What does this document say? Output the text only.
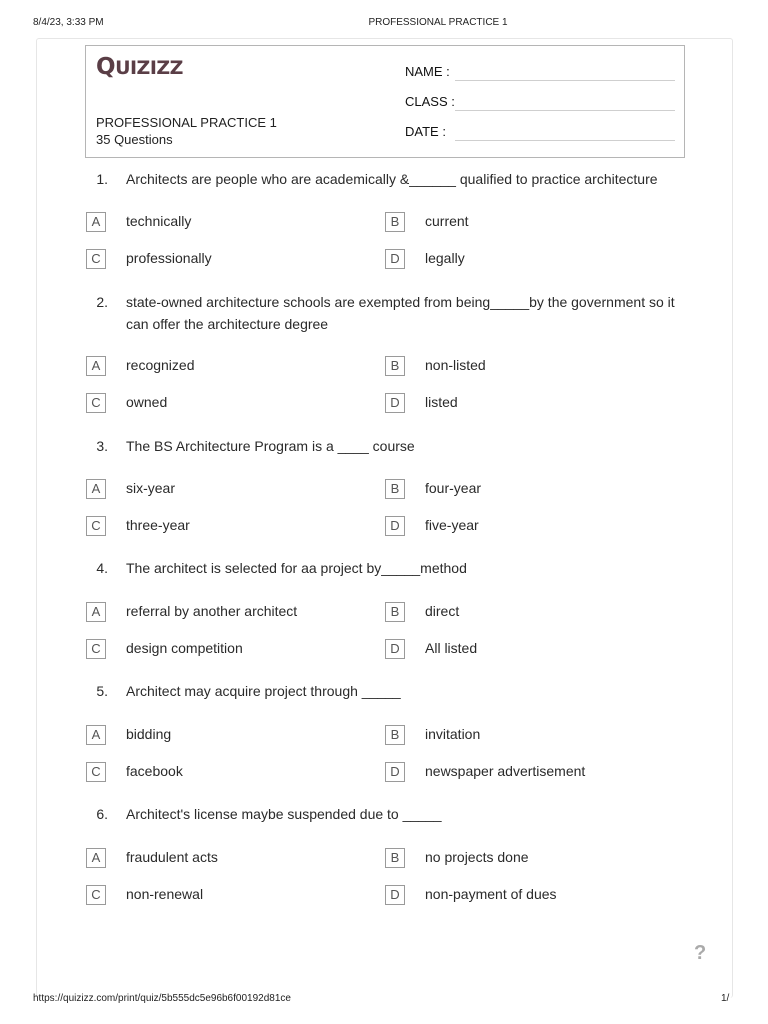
8/4/23, 3:33 PM	PROFESSIONAL PRACTICE 1
QUIZIZZ
PROFESSIONAL PRACTICE 1
35 Questions
NAME :
CLASS :
DATE :
1. Architects are people who are academically &______ qualified to practice architecture
A	technically	B	current
C	professionally	D	legally
2. state-owned architecture schools are exempted from being_____by the government so it can offer the architecture degree
A	recognized	B	non-listed
C	owned	D	listed
3. The BS Architecture Program is a ____ course
A	six-year	B	four-year
C	three-year	D	five-year
4. The architect is selected for aa project by_____method
A	referral by another architect	B	direct
C	design competition	D	All listed
5. Architect may acquire project through _____
A	bidding	B	invitation
C	facebook	D	newspaper advertisement
6. Architect's license maybe suspended due to _____
A	fraudulent acts	B	no projects done
C	non-renewal	D	non-payment of dues
?
https://quizizz.com/print/quiz/5b555dc5e96b6f00192d81ce	1/
